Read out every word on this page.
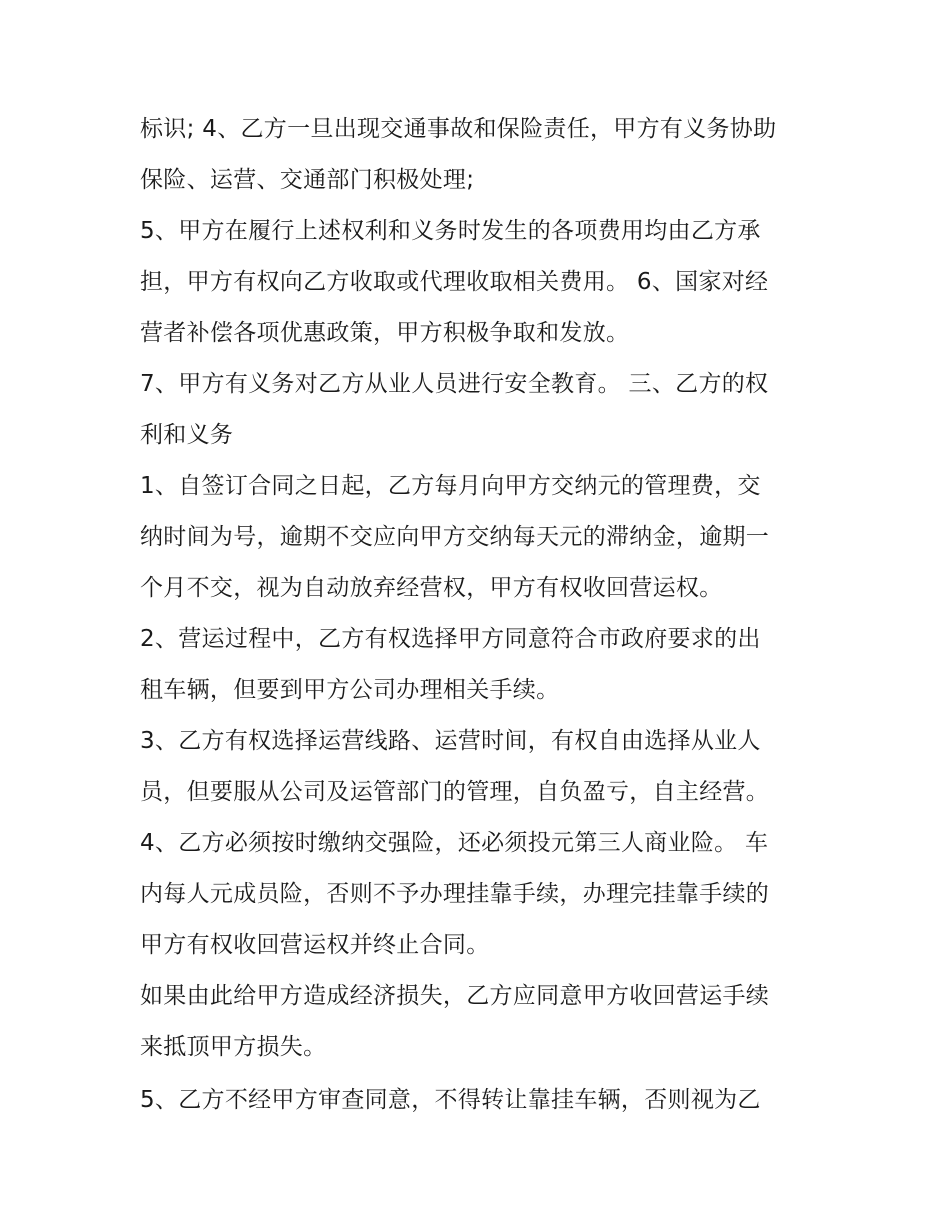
标识; 4、乙方一旦出现交通事故和保险责任，甲方有义务协助
保险、运营、交通部门积极处理;
5、甲方在履行上述权利和义务时发生的各项费用均由乙方承
担，甲方有权向乙方收取或代理收取相关费用。 6、国家对经
营者补偿各项优惠政策，甲方积极争取和发放。
7、甲方有义务对乙方从业人员进行安全教育。 三、乙方的权
利和义务
1、自签订合同之日起，乙方每月向甲方交纳元的管理费，交
纳时间为号，逾期不交应向甲方交纳每天元的滞纳金，逾期一
个月不交，视为自动放弃经营权，甲方有权收回营运权。
2、营运过程中，乙方有权选择甲方同意符合市政府要求的出
租车辆，但要到甲方公司办理相关手续。
3、乙方有权选择运营线路、运营时间，有权自由选择从业人
员，但要服从公司及运管部门的管理，自负盈亏，自主经营。
4、乙方必须按时缴纳交强险，还必须投元第三人商业险。 车
内每人元成员险，否则不予办理挂靠手续，办理完挂靠手续的
甲方有权收回营运权并终止合同。
如果由此给甲方造成经济损失，乙方应同意甲方收回营运手续
来抵顶甲方损失。
5、乙方不经甲方审查同意，不得转让靠挂车辆，否则视为乙
